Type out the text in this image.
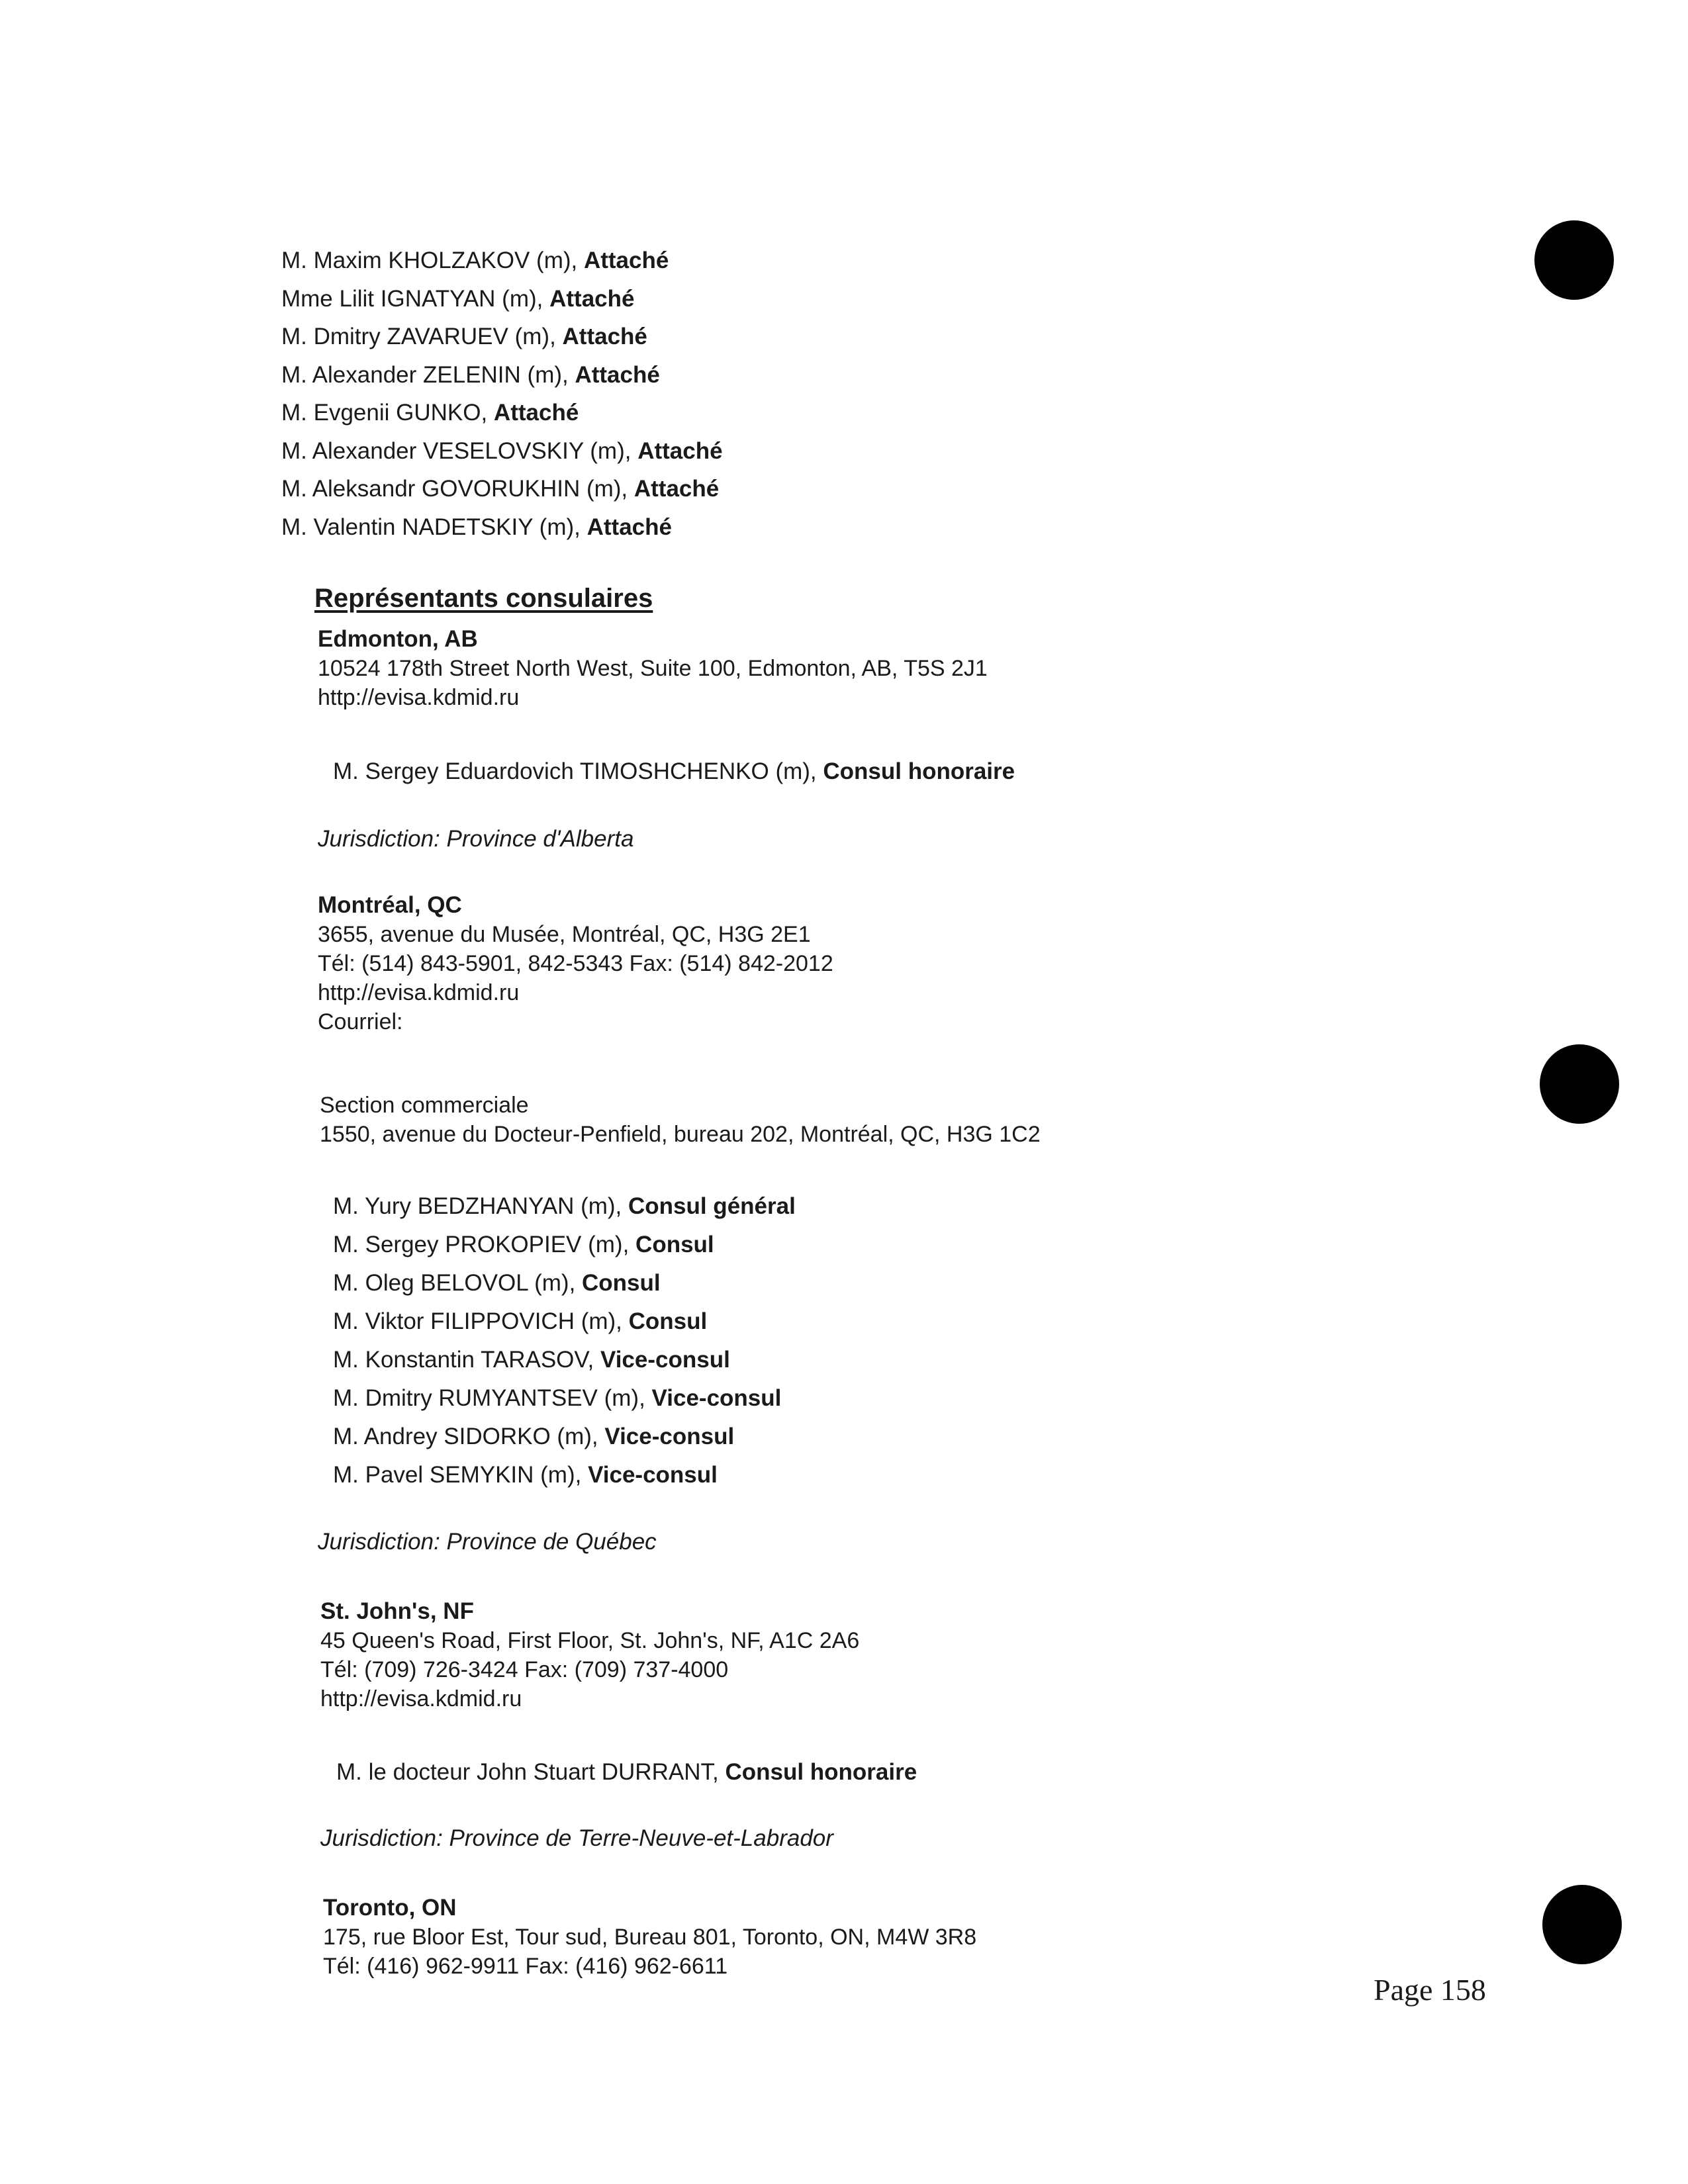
M. Maxim KHOLZAKOV (m), Attaché
Mme Lilit IGNATYAN (m), Attaché
M. Dmitry ZAVARUEV (m), Attaché
M. Alexander ZELENIN (m), Attaché
M. Evgenii GUNKO, Attaché
M. Alexander VESELOVSKIY (m), Attaché
M. Aleksandr GOVORUKHIN (m), Attaché
M. Valentin NADETSKIY (m), Attaché
Représentants consulaires
Edmonton, AB
10524 178th Street North West, Suite 100, Edmonton, AB, T5S 2J1
http://evisa.kdmid.ru
M. Sergey Eduardovich TIMOSHCHENKO (m), Consul honoraire
Jurisdiction: Province d'Alberta
Montréal, QC
3655, avenue du Musée, Montréal, QC, H3G 2E1
Tél: (514) 843-5901, 842-5343 Fax: (514) 842-2012
http://evisa.kdmid.ru
Courriel:
Section commerciale
1550, avenue du Docteur-Penfield, bureau 202, Montréal, QC, H3G 1C2
M. Yury BEDZHANYAN (m), Consul général
M. Sergey PROKOPIEV (m), Consul
M. Oleg BELOVOL (m), Consul
M. Viktor FILIPPOVICH (m), Consul
M. Konstantin TARASOV, Vice-consul
M. Dmitry RUMYANTSEV (m), Vice-consul
M. Andrey SIDORKO (m), Vice-consul
M. Pavel SEMYKIN (m), Vice-consul
Jurisdiction: Province de Québec
St. John's, NF
45 Queen's Road, First Floor, St. John's, NF, A1C 2A6
Tél: (709) 726-3424 Fax: (709) 737-4000
http://evisa.kdmid.ru
M. le docteur John Stuart DURRANT, Consul honoraire
Jurisdiction: Province de Terre-Neuve-et-Labrador
Toronto, ON
175, rue Bloor Est, Tour sud, Bureau 801, Toronto, ON, M4W 3R8
Tél: (416) 962-9911 Fax: (416) 962-6611
Page 158
